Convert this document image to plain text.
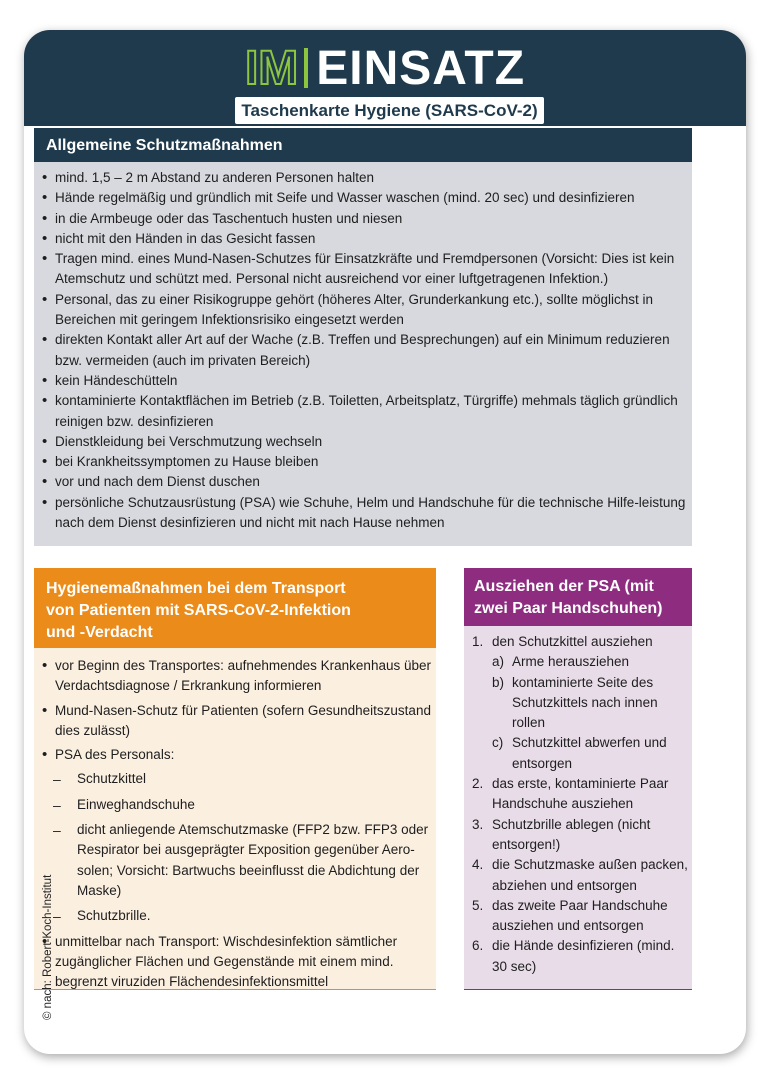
IM EINSATZ
Taschenkarte Hygiene (SARS-CoV-2)
Allgemeine Schutzmaßnahmen
• mind. 1,5 – 2 m Abstand zu anderen Personen halten
• Hände regelmäßig und gründlich mit Seife und Wasser waschen (mind. 20 sec) und desinfizieren
• in die Armbeuge oder das Taschentuch husten und niesen
• nicht mit den Händen in das Gesicht fassen
• Tragen mind. eines Mund-Nasen-Schutzes für Einsatzkräfte und Fremdpersonen (Vorsicht: Dies ist kein Atemschutz und schützt med. Personal nicht ausreichend vor einer luftgetragenen Infektion.)
• Personal, das zu einer Risikogruppe gehört (höheres Alter, Grunderkankung etc.), sollte möglichst in Bereichen mit geringem Infektionsrisiko eingesetzt werden
• direkten Kontakt aller Art auf der Wache (z.B. Treffen und Besprechungen) auf ein Minimum reduzieren bzw. vermeiden (auch im privaten Bereich)
• kein Händeschütteln
• kontaminierte Kontaktflächen im Betrieb (z.B. Toiletten, Arbeitsplatz, Türgriffe) mehmals täglich gründlich reinigen bzw. desinfizieren
• Dienstkleidung bei Verschmutzung wechseln
• bei Krankheitssymptomen zu Hause bleiben
• vor und nach dem Dienst duschen
• persönliche Schutzausrüstung (PSA) wie Schuhe, Helm und Handschuhe für die technische Hilfe-leistung nach dem Dienst desinfizieren und nicht mit nach Hause nehmen
Hygienemaßnahmen bei dem Transport
von Patienten mit SARS-CoV-2-Infektion
und -Verdacht
• vor Beginn des Transportes: aufnehmendes Krankenhaus über Verdachtsdiagnose / Erkrankung informieren
• Mund-Nasen-Schutz für Patienten (sofern Gesundheitszustand dies zulässt)
• PSA des Personals:
– Schutzkittel
– Einweghandschuhe
– dicht anliegende Atemschutzmaske (FFP2 bzw. FFP3 oder Respirator bei ausgeprägter Exposition gegenüber Aero-solen; Vorsicht: Bartwuchs beeinflusst die Abdichtung der Maske)
– Schutzbrille.
• unmittelbar nach Transport: Wischdesinfektion sämtlicher zugänglicher Flächen und Gegenstände mit einem mind. begrenzt viruziden Flächendesinfektionsmittel
Ausziehen der PSA (mit
zwei Paar Handschuhen)
1. den Schutzkittel ausziehen
a) Arme herausziehen
b) kontaminierte Seite des Schutzkittels nach innen rollen
c) Schutzkittel abwerfen und entsorgen
2. das erste, kontaminierte Paar Handschuhe ausziehen
3. Schutzbrille ablegen (nicht entsorgen!)
4. die Schutzmaske außen packen, abziehen und entsorgen
5. das zweite Paar Handschuhe ausziehen und entsorgen
6. die Hände desinfizieren (mind. 30 sec)
© nach: Robert-Koch-Institut
